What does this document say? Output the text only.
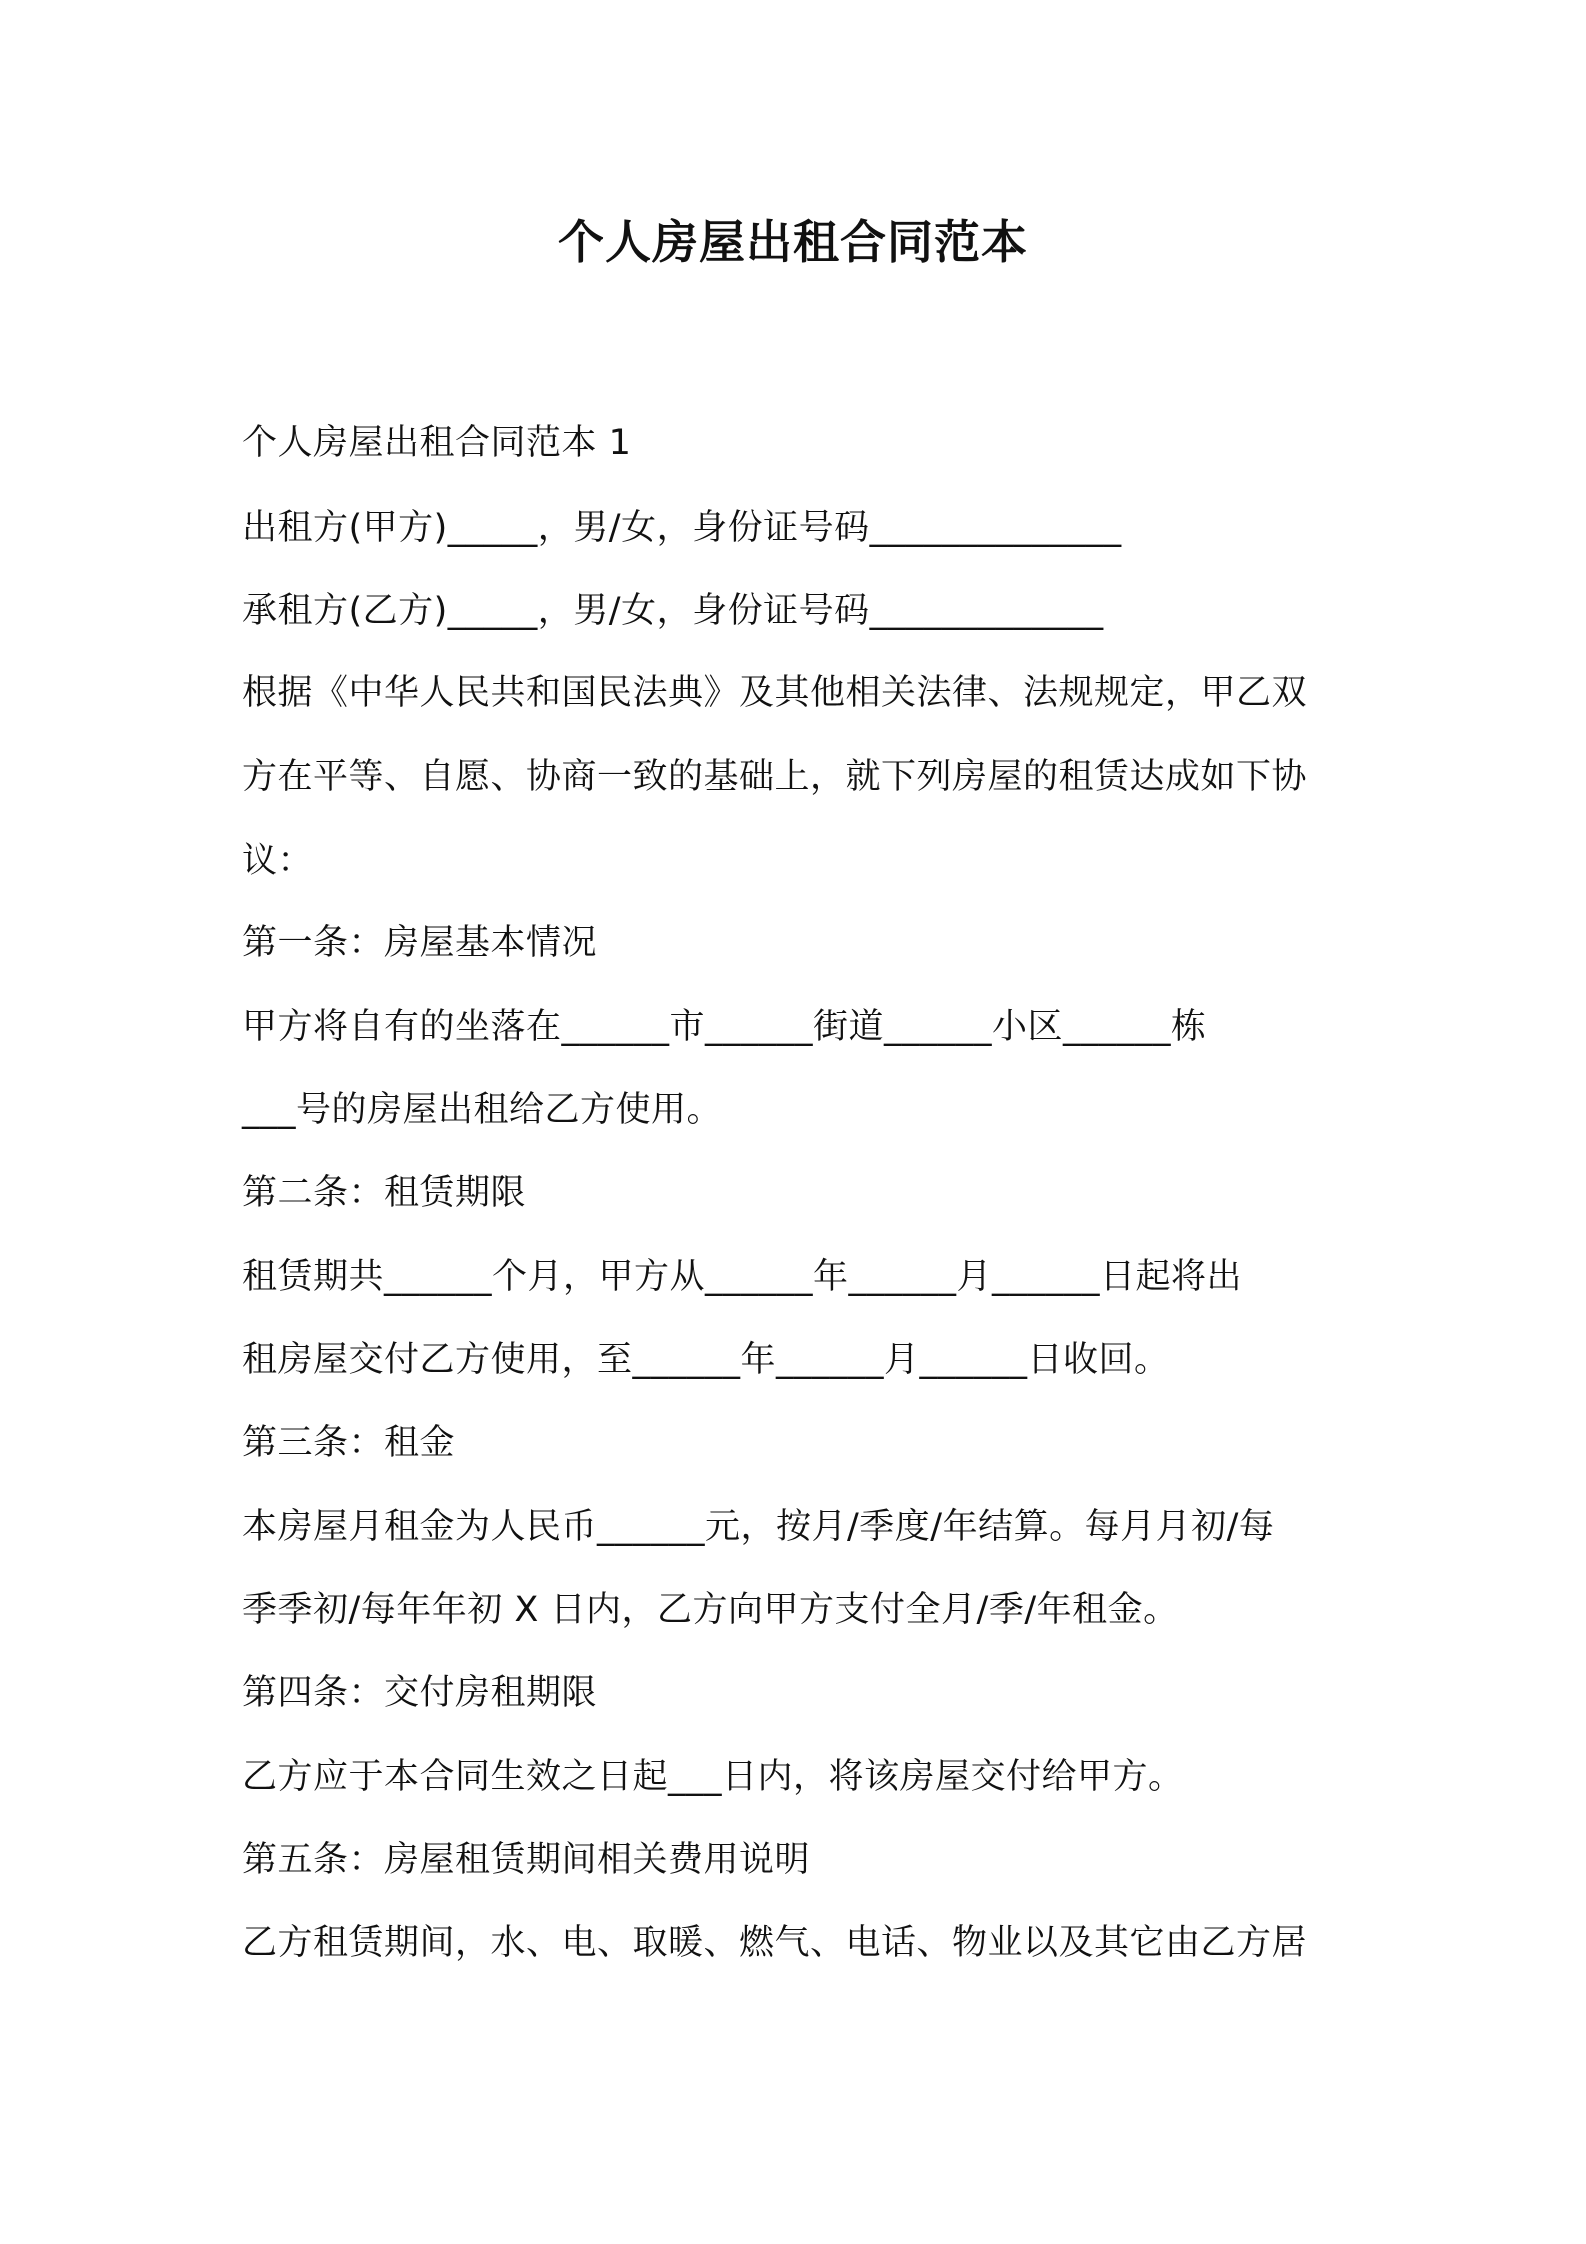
个人房屋出租合同范本
个人房屋出租合同范本 1
出租方(甲方)_____，男/女，身份证号码______________
承租方(乙方)_____，男/女，身份证号码_____________
根据《中华人民共和国民法典》及其他相关法律、法规规定，甲乙双
方在平等、自愿、协商一致的基础上，就下列房屋的租赁达成如下协
议：
第一条：房屋基本情况
甲方将自有的坐落在______市______街道______小区______栋
___号的房屋出租给乙方使用。
第二条：租赁期限
租赁期共______个月，甲方从______年______月______日起将出
租房屋交付乙方使用，至______年______月______日收回。
第三条：租金
本房屋月租金为人民币______元，按月/季度/年结算。每月月初/每
季季初/每年年初 X 日内，乙方向甲方支付全月/季/年租金。
第四条：交付房租期限
乙方应于本合同生效之日起___日内，将该房屋交付给甲方。
第五条：房屋租赁期间相关费用说明
乙方租赁期间，水、电、取暖、燃气、电话、物业以及其它由乙方居
